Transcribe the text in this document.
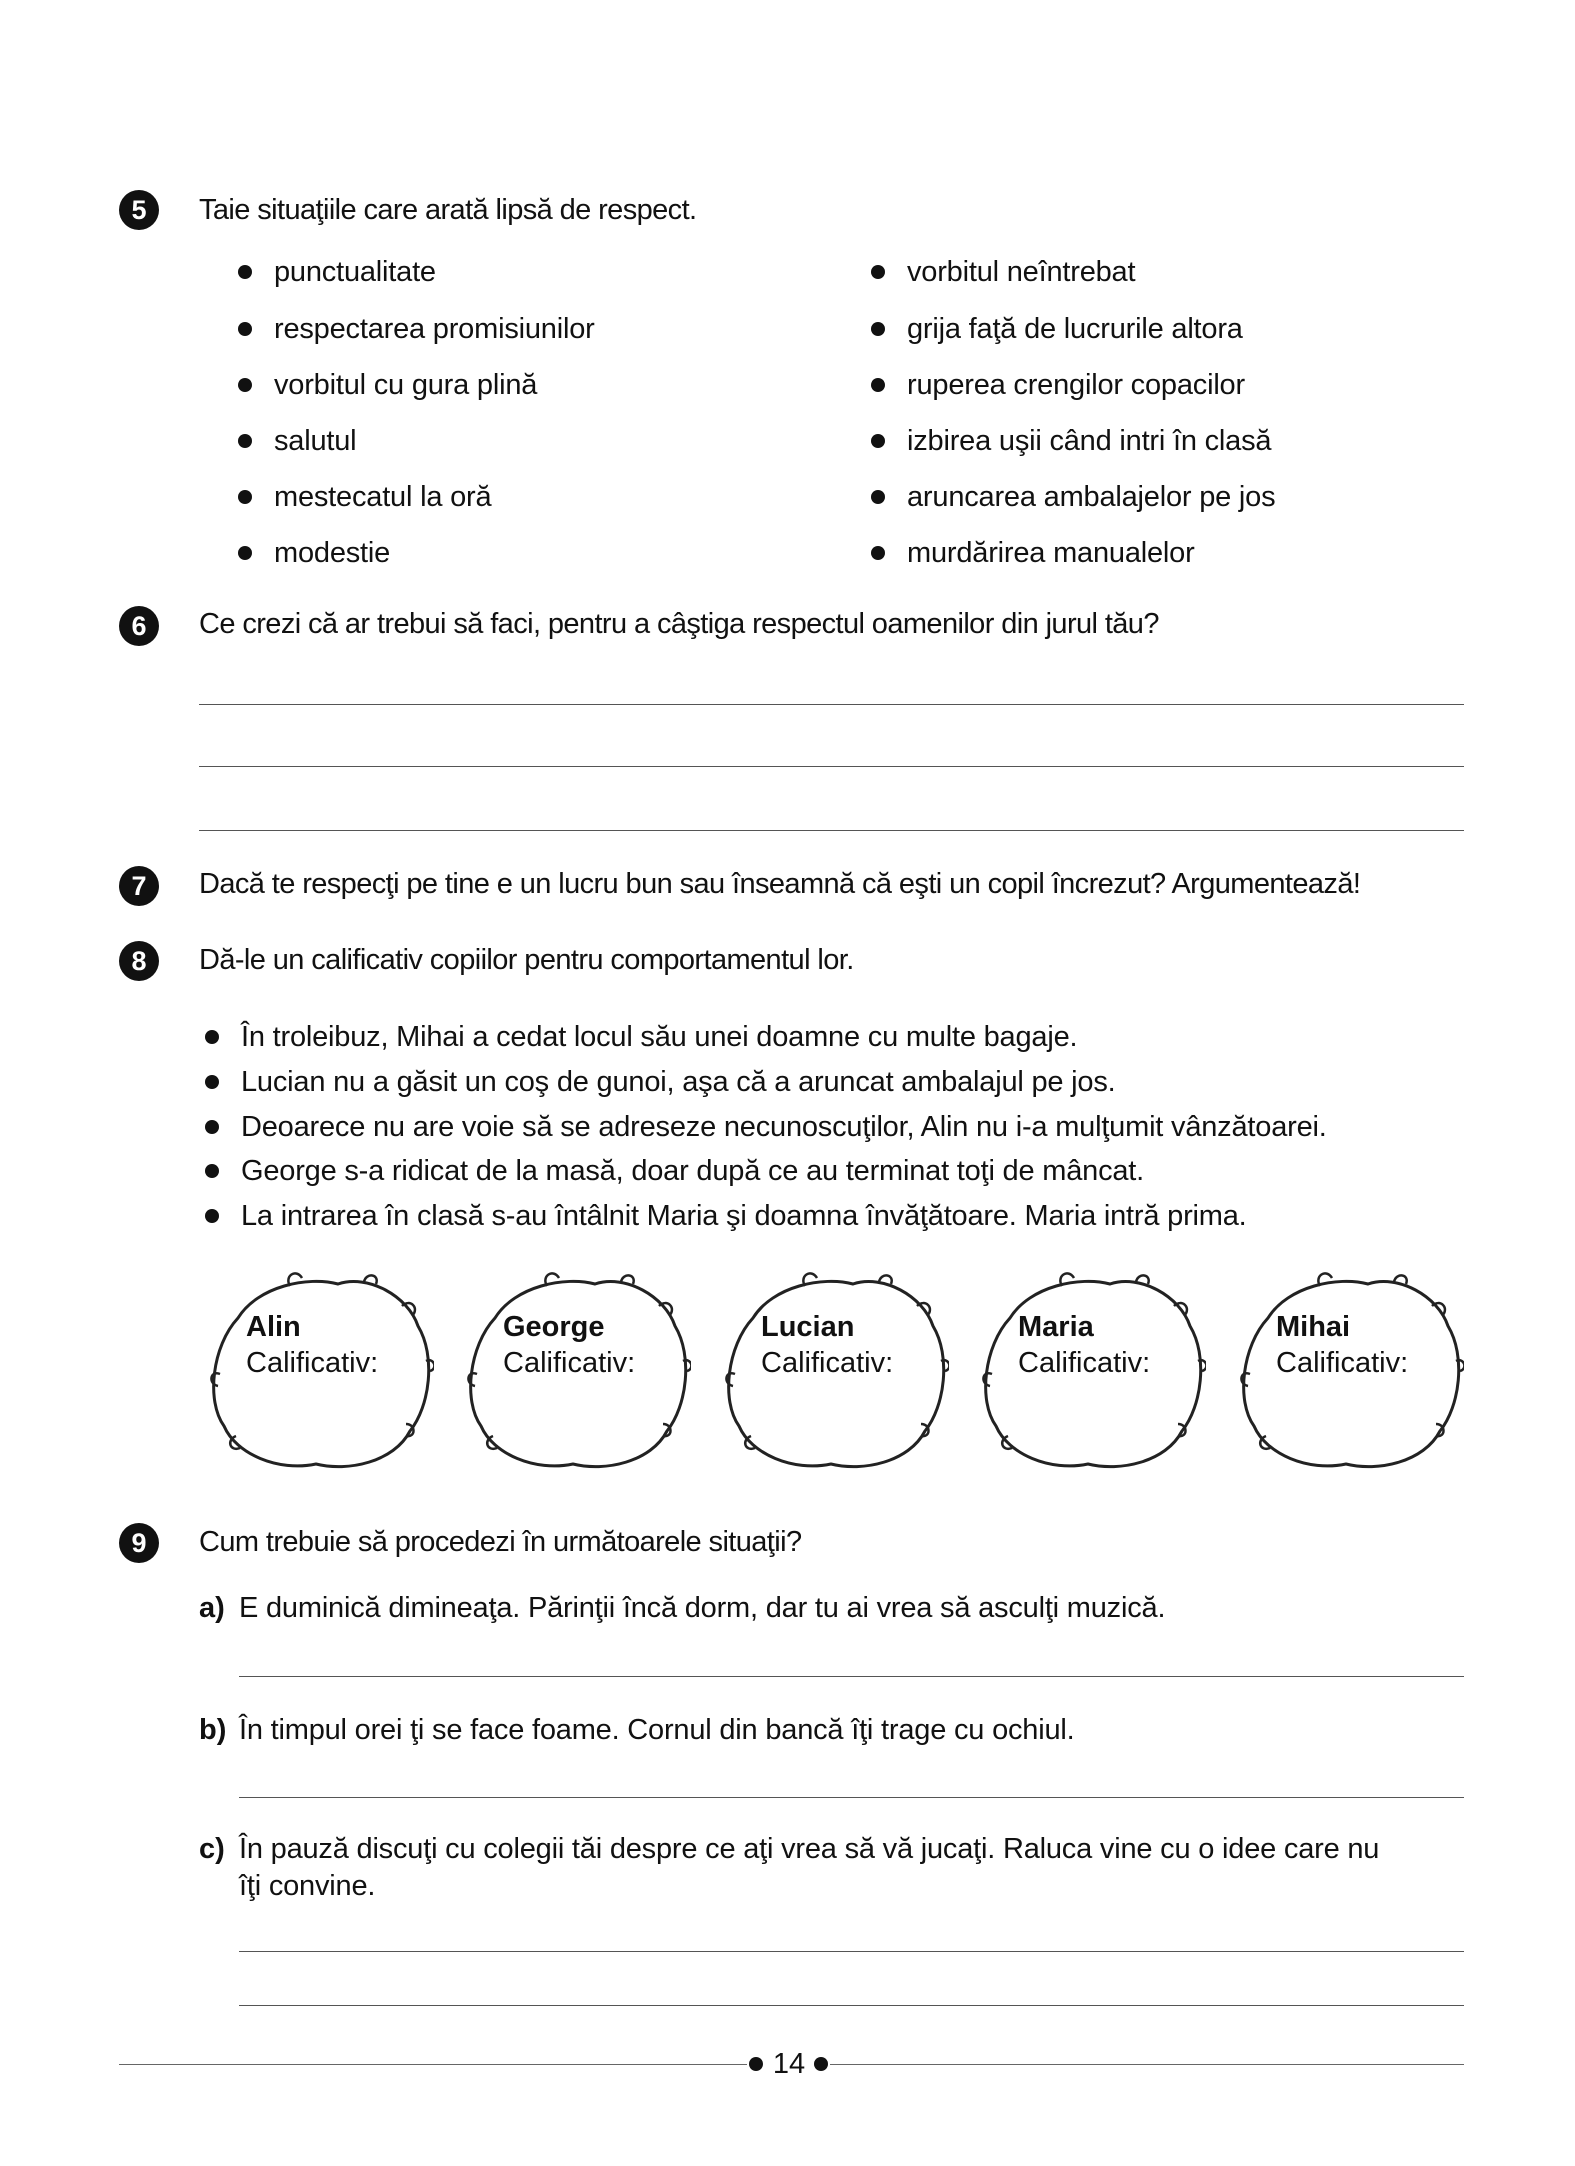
5	Taie situaţiile care arată lipsă de respect.
punctualitate
respectarea promisiunilor
vorbitul cu gura plină
salutul
mestecatul la oră
modestie
vorbitul neîntrebat
grija faţă de lucrurile altora
ruperea crengilor copacilor
izbirea uşii când intri în clasă
aruncarea ambalajelor pe jos
murdărirea manualelor
6	Ce crezi că ar trebui să faci, pentru a câştiga respectul oamenilor din jurul tău?
7	Dacă te respecţi pe tine e un lucru bun sau înseamnă că eşti un copil încrezut? Argumentează!
8	Dă-le un calificativ copiilor pentru comportamentul lor.
În troleibuz, Mihai a cedat locul său unei doamne cu multe bagaje.
Lucian nu a găsit un coş de gunoi, aşa că a aruncat ambalajul pe jos.
Deoarece nu are voie să se adreseze necunoscuţilor, Alin nu i-a mulţumit vânzătoarei.
George s-a ridicat de la masă, doar după ce au terminat toţi de mâncat.
La intrarea în clasă s-au întâlnit Maria şi doamna învăţătoare. Maria intră prima.
Alin
Calificativ:
George
Calificativ:
Lucian
Calificativ:
Maria
Calificativ:
Mihai
Calificativ:
9	Cum trebuie să procedezi în următoarele situaţii?
a) E duminică dimineaţa. Părinţii încă dorm, dar tu ai vrea să asculţi muzică.
b) În timpul orei ţi se face foame. Cornul din bancă îţi trage cu ochiul.
c) În pauză discuţi cu colegii tăi despre ce aţi vrea să vă jucaţi. Raluca vine cu o idee care nu
îţi convine.
14
